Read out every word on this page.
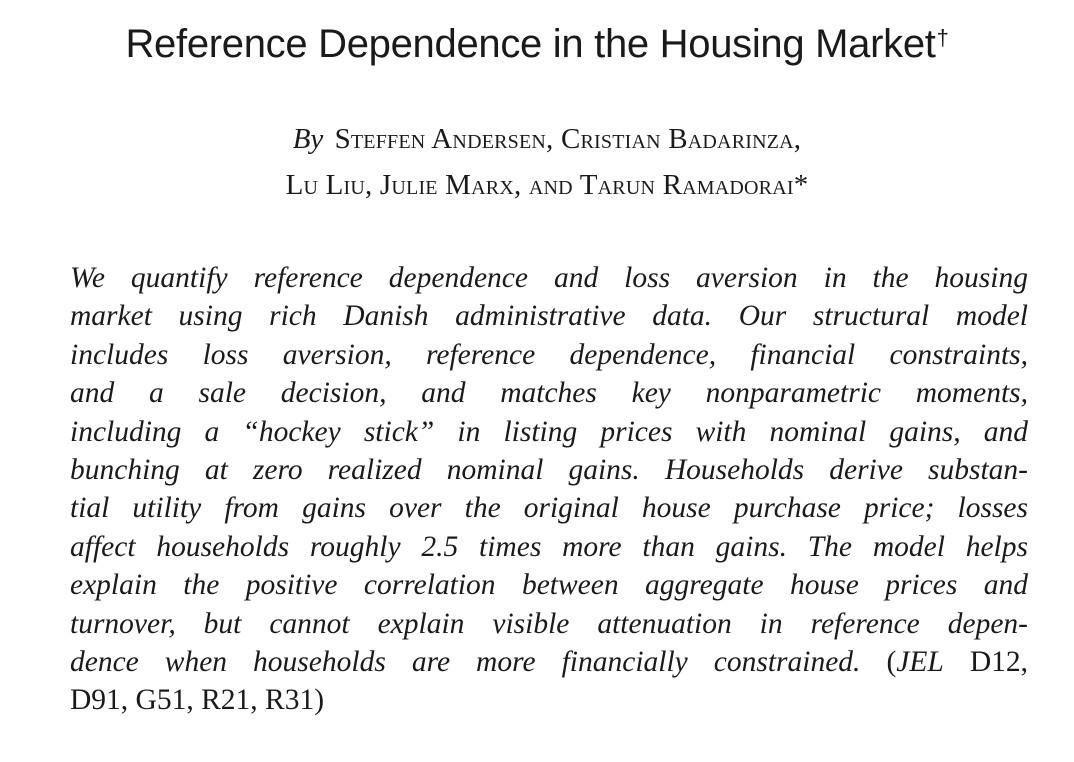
Reference Dependence in the Housing Market†
By Steffen Andersen, Cristian Badarinza,
Lu Liu, Julie Marx, and Tarun Ramadorai*
We quantify reference dependence and loss aversion in the housing
market using rich Danish administrative data. Our structural model
includes loss aversion, reference dependence, financial constraints,
and a sale decision, and matches key nonparametric moments,
including a “hockey stick” in listing prices with nominal gains, and
bunching at zero realized nominal gains. Households derive substan-
tial utility from gains over the original house purchase price; losses
affect households roughly 2.5 times more than gains. The model helps
explain the positive correlation between aggregate house prices and
turnover, but cannot explain visible attenuation in reference depen-
dence when households are more financially constrained. (JEL D12,
D91, G51, R21, R31)
